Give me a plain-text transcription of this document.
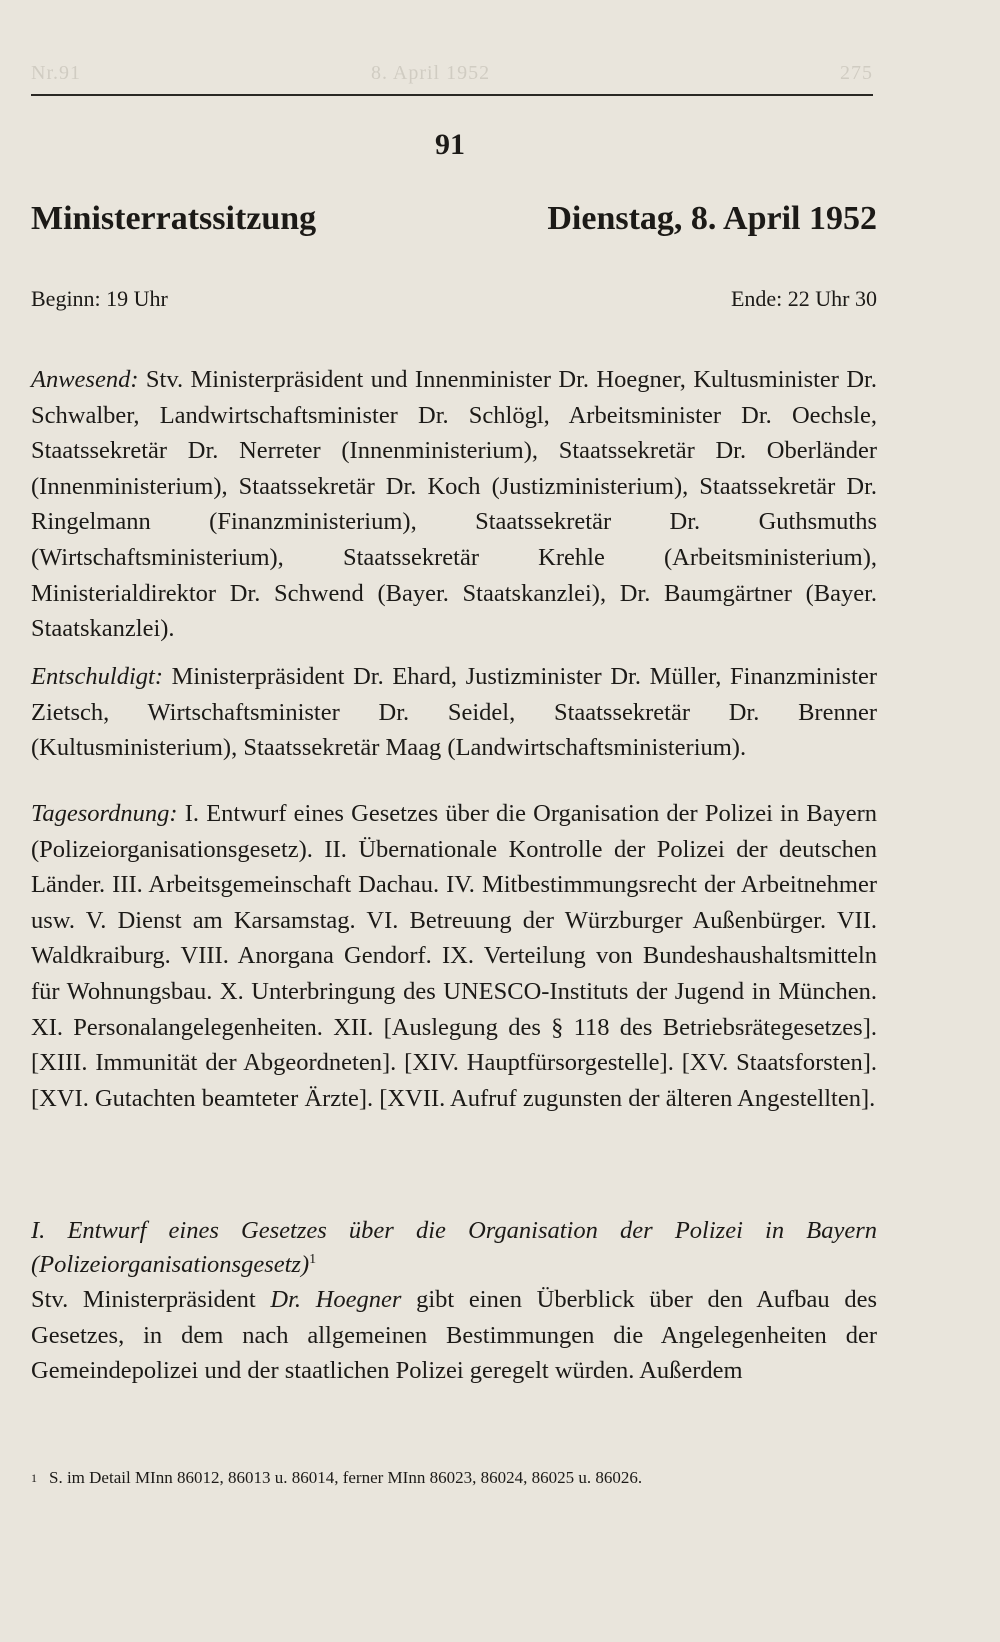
Nr.91	8. April 1952	275
91
Ministerratssitzung	Dienstag, 8. April 1952
Beginn: 19 Uhr	Ende: 22 Uhr 30
Anwesend: Stv. Ministerpräsident und Innenminister Dr. Hoegner, Kultusminister Dr. Schwalber, Landwirtschaftsminister Dr. Schlögl, Arbeitsminister Dr. Oechsle, Staatssekretär Dr. Nerreter (Innenministerium), Staatssekretär Dr. Oberländer (Innenministerium), Staatssekretär Dr. Koch (Justizministerium), Staatssekretär Dr. Ringelmann (Finanzministerium), Staatssekretär Dr. Guthsmuths (Wirtschaftsministerium), Staatssekretär Krehle (Arbeitsministerium), Ministerialdirektor Dr. Schwend (Bayer. Staatskanzlei), Dr. Baumgärtner (Bayer. Staatskanzlei).
Entschuldigt: Ministerpräsident Dr. Ehard, Justizminister Dr. Müller, Finanzminister Zietsch, Wirtschaftsminister Dr. Seidel, Staatssekretär Dr. Brenner (Kultusministerium), Staatssekretär Maag (Landwirtschaftsministerium).
Tagesordnung: I. Entwurf eines Gesetzes über die Organisation der Polizei in Bayern (Polizeiorganisationsgesetz). II. Übernationale Kontrolle der Polizei der deutschen Länder. III. Arbeitsgemeinschaft Dachau. IV. Mitbestimmungsrecht der Arbeitnehmer usw. V. Dienst am Karsamstag. VI. Betreuung der Würzburger Außenbürger. VII. Waldkraiburg. VIII. Anorgana Gendorf. IX. Verteilung von Bundeshaushaltsmitteln für Wohnungsbau. X. Unterbringung des UNESCO-Instituts der Jugend in München. XI. Personalangelegenheiten. XII. [Auslegung des § 118 des Betriebsrätegesetzes]. [XIII. Immunität der Abgeordneten]. [XIV. Hauptfürsorgestelle]. [XV. Staatsforsten]. [XVI. Gutachten beamteter Ärzte]. [XVII. Aufruf zugunsten der älteren Angestellten].
I. Entwurf eines Gesetzes über die Organisation der Polizei in Bayern (Polizeiorganisationsgesetz)$^1$
Stv. Ministerpräsident Dr. Hoegner gibt einen Überblick über den Aufbau des Gesetzes, in dem nach allgemeinen Bestimmungen die Angelegenheiten der Gemeindepolizei und der staatlichen Polizei geregelt würden. Außerdem
1 S. im Detail MInn 86012, 86013 u. 86014, ferner MInn 86023, 86024, 86025 u. 86026.
